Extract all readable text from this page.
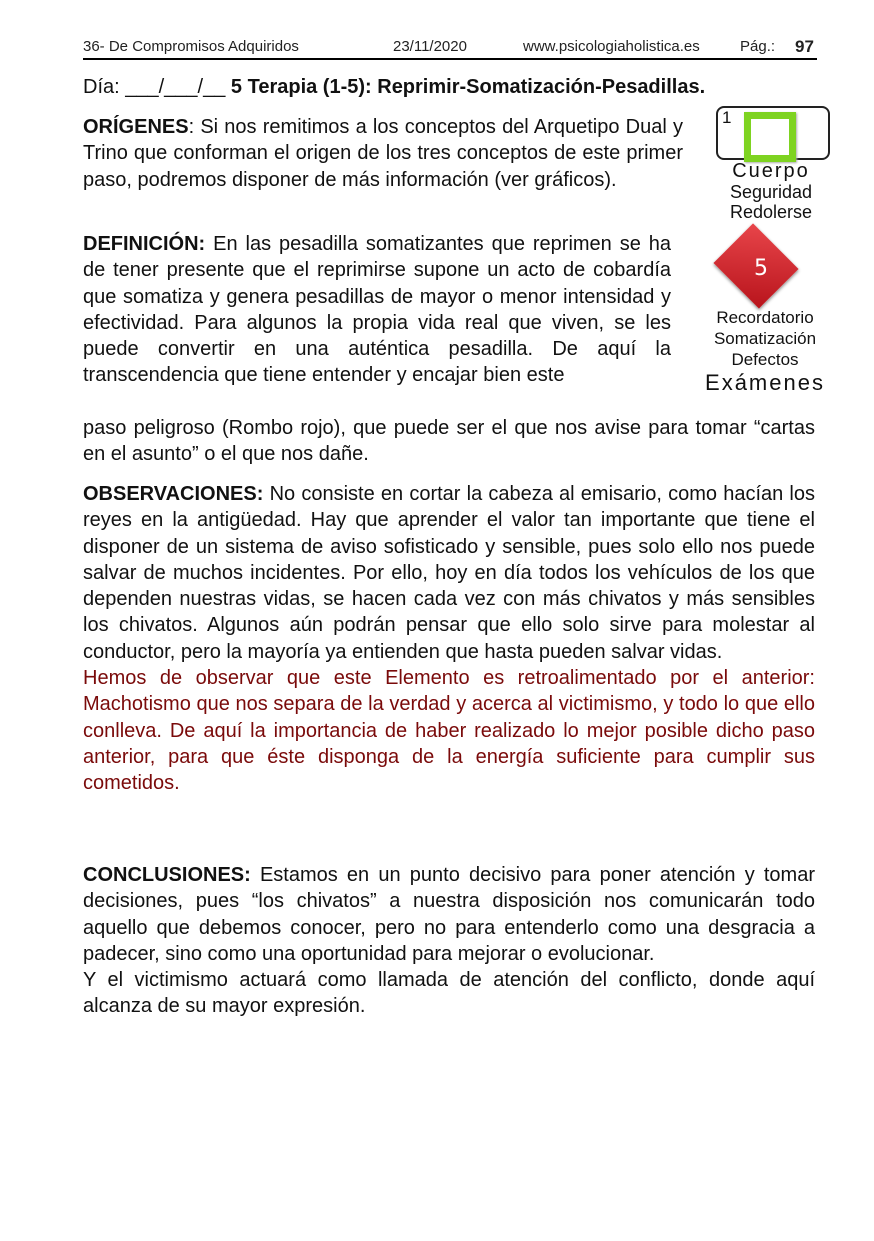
36- De Compromisos Adquiridos	23/11/2020	www.psicologiaholistica.es	Pág.: 97
Día: ___/___/__ 5 Terapia (1-5): Reprimir-Somatización-Pesadillas.
1
Cuerpo
Seguridad
Redolerse
5
Recordatorio
Somatización
Defectos
Exámenes
ORÍGENES: Si nos remitimos a los conceptos del Arquetipo Dual y Trino que conforman el origen de los tres conceptos de este primer paso, podremos disponer de más información (ver gráficos).
DEFINICIÓN: En las pesadilla somatizantes que reprimen se ha de tener presente que el reprimirse supone un acto de cobardía que somatiza y genera pesadillas de mayor o menor intensidad y efectividad. Para algunos la propia vida real que viven, se les puede convertir en una auténtica pesadilla. De aquí la transcendencia que tiene entender y encajar bien este
paso peligroso (Rombo rojo), que puede ser el que nos avise para tomar “cartas en el asunto” o el que nos dañe.
OBSERVACIONES: No consiste en cortar la cabeza al emisario, como hacían los reyes en la antigüedad. Hay que aprender el valor tan importante que tiene el disponer de un sistema de aviso sofisticado y sensible, pues solo ello nos puede salvar de muchos incidentes. Por ello, hoy en día todos los vehículos de los que dependen nuestras vidas, se hacen cada vez con más chivatos y más sensibles los chivatos. Algunos aún podrán pensar que ello solo sirve para molestar al conductor, pero la mayoría ya entienden que hasta pueden salvar vidas.
Hemos de observar que este Elemento es retroalimentado por el anterior: Machotismo que nos separa de la verdad y acerca al victimismo, y todo lo que ello conlleva. De aquí la importancia de haber realizado lo mejor posible dicho paso anterior, para que éste disponga de la energía suficiente para cumplir sus cometidos.
CONCLUSIONES: Estamos en un punto decisivo para poner atención y tomar decisiones, pues “los chivatos” a nuestra disposición nos comunicarán todo aquello que debemos conocer, pero no para entenderlo como una desgracia a padecer, sino como una oportunidad para mejorar o evolucionar.
Y el victimismo actuará como llamada de atención del conflicto, donde aquí alcanza de su mayor expresión.
